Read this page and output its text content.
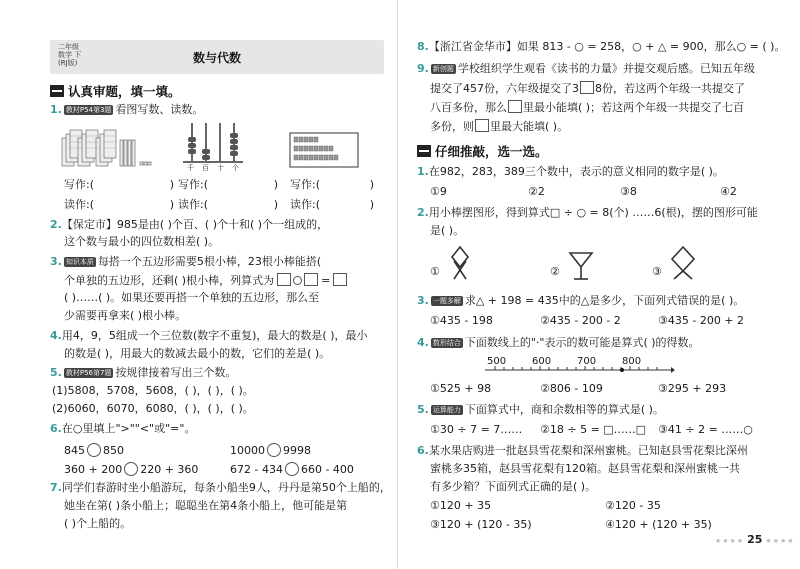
二年级
数学 下
(RJ版)	数与代数
认真审题，填一填。
1. 教材P54第3题 看图写数、读数。
千 百 十 个
写作:(	) 写作:(	) 写作:(	)
读作:(	) 读作:(	) 读作:(	)
2.【保定市】985是由( )个百、( )个十和( )个一组成的，
这个数与最小的四位数相差( )。
3. 知识本质 每搭一个五边形需要5根小棒，23根小棒能搭(
个单独的五边形，还剩( )根小棒，列算式为	=
( )……( )。如果还要再搭一个单独的五边形，那么至
少需要再拿来( )根小棒。
4.用4，9，5组成一个三位数(数字不重复)，最大的数是( )，最小
的数是( )，用最大的数减去最小的数，它们的差是( )。
5. 教材P56第7题 按规律接着写出三个数。
(1)5808，5708，5608，( )，( )，( )。
(2)6060，6070，6080，( )，( )，( )。
6.在○里填上">""<"或"="。
845 850	10000 9998
360 + 200 220 + 360	672 - 434 660 - 400
7.同学们春游时坐小船游玩，每条小船坐9人，丹丹是第50个上船的，
她坐在第( )条小船上；聪聪坐在第4条小船上，他可能是第
( )个上船的。
8.【浙江省金华市】如果 813 - ○ = 258，○ + △ = 900，那么○ = ( )。
9. 新创题 学校组织学生观看《读书的力量》并提交观后感。已知五年级
提交了457份，六年级提交了3 8份，若这两个年级一共提交了
八百多份，那么 里最小能填( )；若这两个年级一共提交了七百
多份，则 里最大能填( )。
仔细推敲，选一选。
1.在982，283，389三个数中，表示的意义相同的数字是( )。
①9	②2	③8	④2
2.用小棒摆图形，得到算式□ ÷ ○ = 8(个) ……6(根)，摆的图形可能
是( )。
①	②	③
3. 一题多解 求△ + 198 = 435中的△是多少，下面列式错误的是( )。
①435 - 198	②435 - 200 - 2	③435 - 200 + 2
4. 数形结合 下面数线上的"·"表示的数可能是算式( )的得数。
500	600	700	800
①525 + 98	②806 - 109	③295 + 293
5. 运算能力 下面算式中，商和余数相等的算式是( )。
①30 ÷ 7 = 7…… ②18 ÷ 5 = □……□ ③41 ÷ 2 = ……○
6.某水果店购进一批赵县雪花梨和深州蜜桃。已知赵县雪花梨比深州
蜜桃多35箱，赵县雪花梨有120箱。赵县雪花梨和深州蜜桃一共
有多少箱？下面列式正确的是( )。
①120 + 35	②120 - 35
③120 + (120 - 35)	④120 + (120 + 35)
★★★★ 25 ★★★★
